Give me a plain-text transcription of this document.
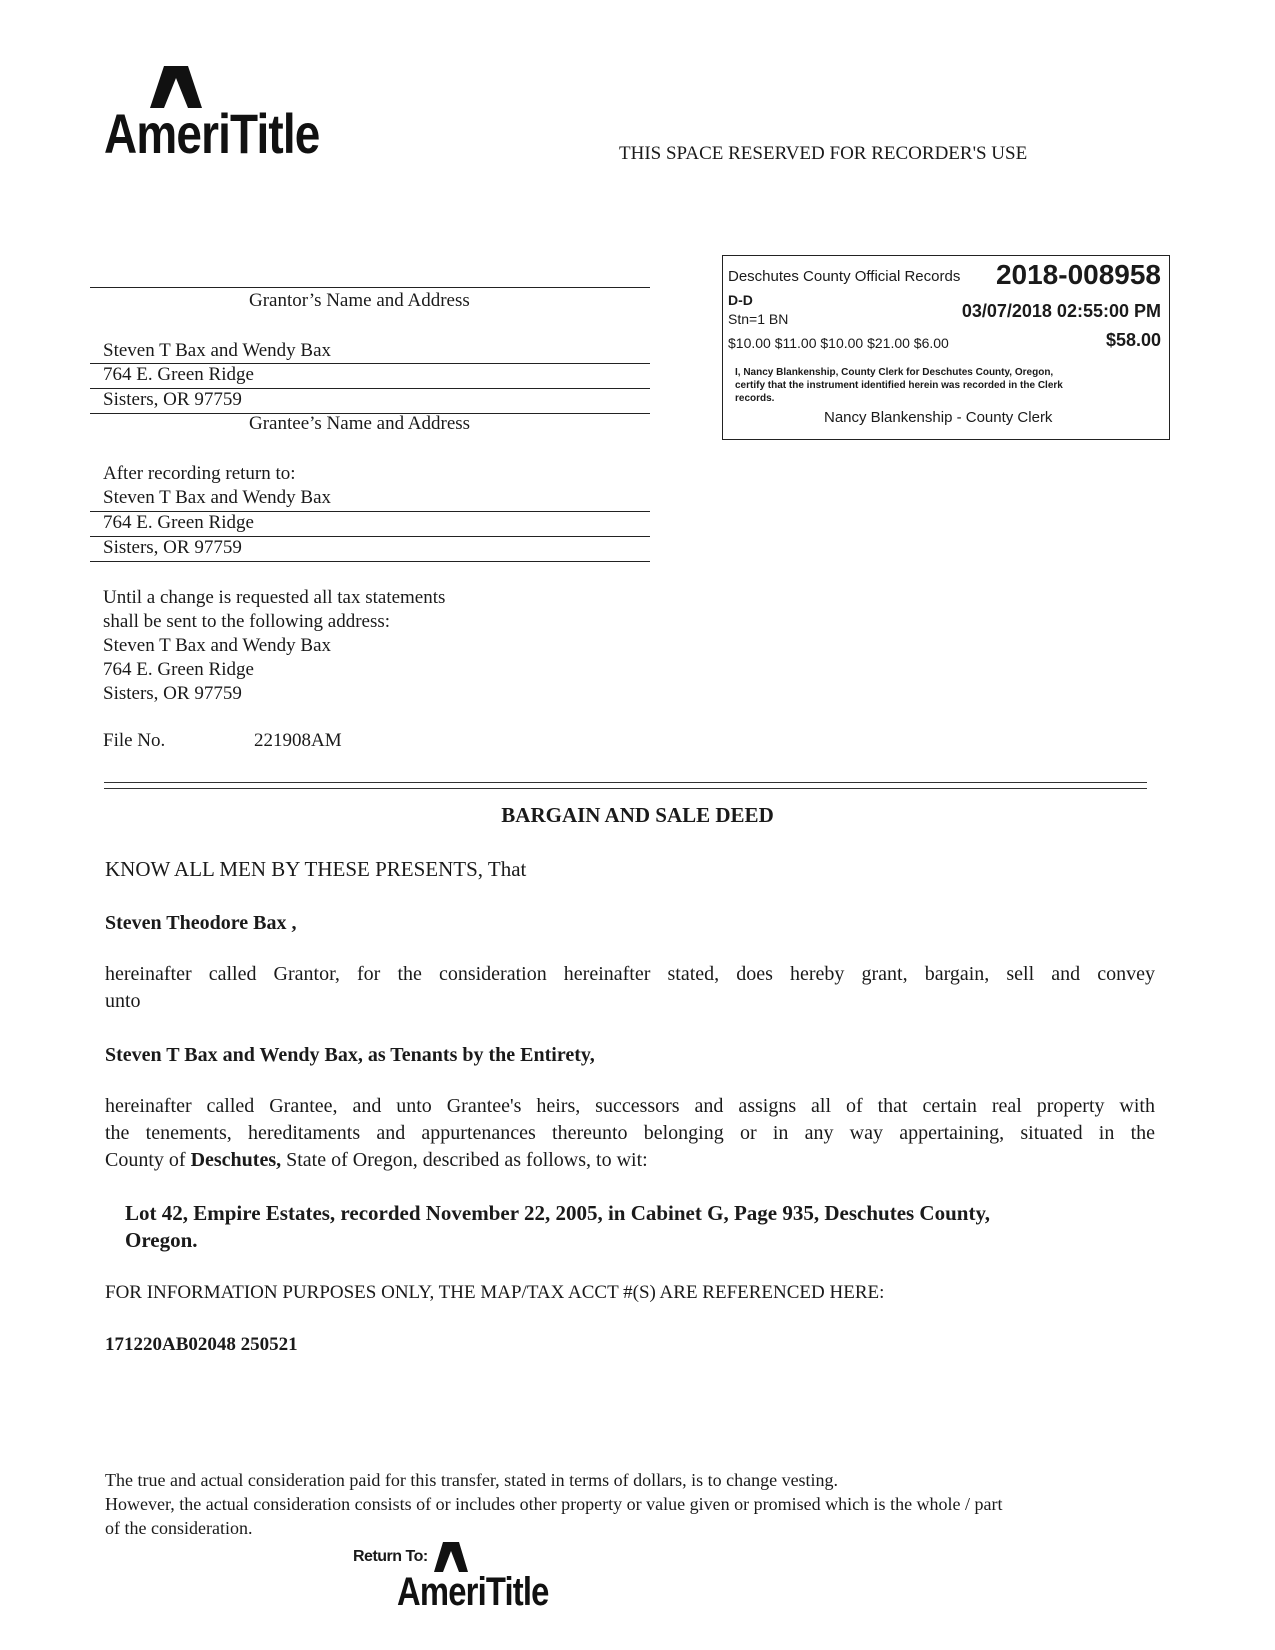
AmeriTitle	THIS SPACE RESERVED FOR RECORDER'S USE
Deschutes County Official Records 2018-008958
D-D
Stn=1 BN	03/07/2018 02:55:00 PM
$10.00 $11.00 $10.00 $21.00 $6.00	$58.00
I, Nancy Blankenship, County Clerk for Deschutes County, Oregon,
certify that the instrument identified herein was recorded in the Clerk
records.
Nancy Blankenship - County Clerk
Grantor’s Name and Address
Steven T Bax and Wendy Bax
764 E. Green Ridge
Sisters, OR 97759
Grantee’s Name and Address
After recording return to:
Steven T Bax and Wendy Bax
764 E. Green Ridge
Sisters, OR 97759
Until a change is requested all tax statements
shall be sent to the following address:
Steven T Bax and Wendy Bax
764 E. Green Ridge
Sisters, OR 97759
File No.	221908AM
BARGAIN AND SALE DEED
KNOW ALL MEN BY THESE PRESENTS, That
Steven Theodore Bax ,
hereinafter called Grantor, for the consideration hereinafter stated, does hereby grant, bargain, sell and convey
unto
Steven T Bax and Wendy Bax, as Tenants by the Entirety,
hereinafter called Grantee, and unto Grantee's heirs, successors and assigns all of that certain real property with
the tenements, hereditaments and appurtenances thereunto belonging or in any way appertaining, situated in the
County of Deschutes, State of Oregon, described as follows, to wit:
Lot 42, Empire Estates, recorded November 22, 2005, in Cabinet G, Page 935, Deschutes County,
Oregon.
FOR INFORMATION PURPOSES ONLY, THE MAP/TAX ACCT #(S) ARE REFERENCED HERE:
171220AB02048 250521
The true and actual consideration paid for this transfer, stated in terms of dollars, is to change vesting.
However, the actual consideration consists of or includes other property or value given or promised which is the whole / part
of the consideration.
Return To:
AmeriTitle
